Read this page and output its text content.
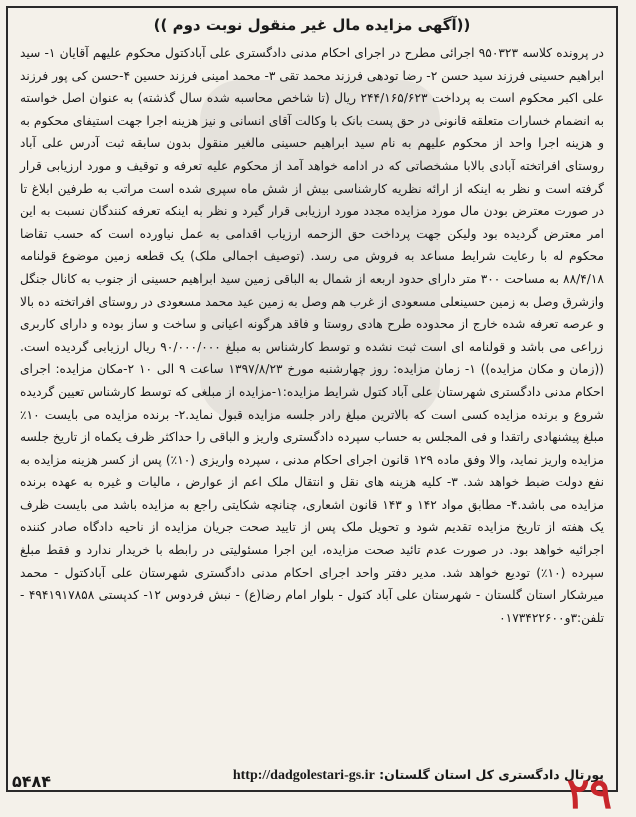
((آگهی مزایده مال غیر منقول نوبت دوم ))

در پرونده کلاسه ۹۵۰۳۲۳ اجرائی مطرح در اجرای احکام مدنی دادگستری علی آبادکتول محکوم علیهم آقایان ۱- سید ابراهیم حسینی فرزند سید حسن ۲- رضا تودهی فرزند محمد تقی ۳- محمد امینی فرزند حسین ۴-حسن کی پور فرزند علی اکبر محکوم است به پرداخت ۲۴۴/۱۶۵/۶۲۳ ریال (تا شاخص محاسبه شده سال گذشته) به عنوان اصل خواسته به انضمام خسارات متعلقه قانونی در حق پست بانک با وکالت آقای انسانی و نیز هزینه اجرا جهت استیفای محکوم به و هزینه اجرا واحد از محکوم علیهم به نام سید ابراهیم حسینی مالغیر منقول بدون سابقه ثبت آدرس علی آباد روستای افراتخته آبادی بالابا مشخصاتی که در ادامه خواهد آمد از محکوم علیه تعرفه و توقیف و مورد ارزیابی قرار گرفته است و نظر به اینکه از ارائه نظریه کارشناسی بیش از شش ماه سپری شده است مراتب به طرفین ابلاغ تا در صورت معترض بودن مال مورد مزایده مجدد مورد ارزیابی قرار گیرد و نظر به اینکه تعرفه کنندگان نسبت به این امر معترض گردیده بود ولیکن جهت پرداخت حق الزحمه ارزیاب اقدامی به عمل نیاورده است که حسب تقاضا محکوم له با رعایت شرایط مساعد به فروش می رسد. (توصیف اجمالی ملک) یک قطعه زمین موضوع قولنامه ۸۸/۴/۱۸ به مساحت ۳۰۰ متر دارای حدود اربعه از شمال به الباقی زمین سید ابراهیم حسینی از جنوب به کانال جنگل وازشرق وصل به زمین حسینعلی مسعودی از غرب هم وصل به زمین عید محمد مسعودی در روستای افراتخته ده بالا و عرصه تعرفه شده خارج از محدوده طرح هادی روستا و فاقد هرگونه اعیانی و ساخت و ساز بوده و دارای کاربری زراعی می باشد و قولنامه ای است ثبت نشده و توسط کارشناس به مبلغ ۹۰/۰۰۰/۰۰۰ ریال ارزیابی گردیده است. ((زمان و مکان مزایده)) ۱- زمان مزایده: روز چهارشنبه مورخ ۱۳۹۷/۸/۲۳ ساعت ۹ الی ۱۰ ۲-مکان مزایده: اجرای احکام مدنی دادگستری شهرستان علی آباد کتول شرایط مزایده:۱-مزایده از مبلغی که توسط کارشناس تعیین گردیده شروع و برنده مزایده کسی است که بالاترین مبلغ رادر جلسه مزایده قبول نماید.۲- برنده مزایده می بایست ۱۰٪ مبلغ پیشنهادی راتقدا و فی المجلس به حساب سپرده دادگستری واریز و الباقی را حداکثر ظرف یکماه از تاریخ جلسه مزایده واریز نماید، والا وفق ماده ۱۲۹ قانون اجرای احکام مدنی ، سپرده واریزی (۱۰٪) پس از کسر هزینه مزایده به نفع دولت ضبط خواهد شد. ۳- کلیه هزینه های نقل و انتقال ملک اعم از عوارض ، مالیات و غیره به عهده برنده مزایده می باشد.۴- مطابق مواد ۱۴۲ و ۱۴۳ قانون اشعاری، چنانچه شکایتی راجع به مزایده باشد می بایست ظرف یک هفته از تاریخ مزایده تقدیم شود و تحویل ملک پس از تایید صحت جریان مزایده از ناحیه دادگاه صادر کننده اجرائیه خواهد بود. در صورت عدم تائید صحت مزایده، این اجرا مسئولیتی در رابطه با خریدار ندارد و فقط مبلغ سپرده (۱۰٪) تودیع خواهد شد. مدیر دفتر واحد اجرای احکام مدنی دادگستری شهرستان علی آبادکتول - محمد میرشکار استان گلستان - شهرستان علی آباد کتول - بلوار امام رضا(ع) - نبش فردوس ۱۲- کدپستی ۴۹۴۱۹۱۷۸۵۸ - تلفن:۳و۰۱۷۳۴۲۲۶۰۰

پورتال دادگستری کل استان گلستان: http://dadgolestari-gs.ir
۵۴۸۴	۲۹
